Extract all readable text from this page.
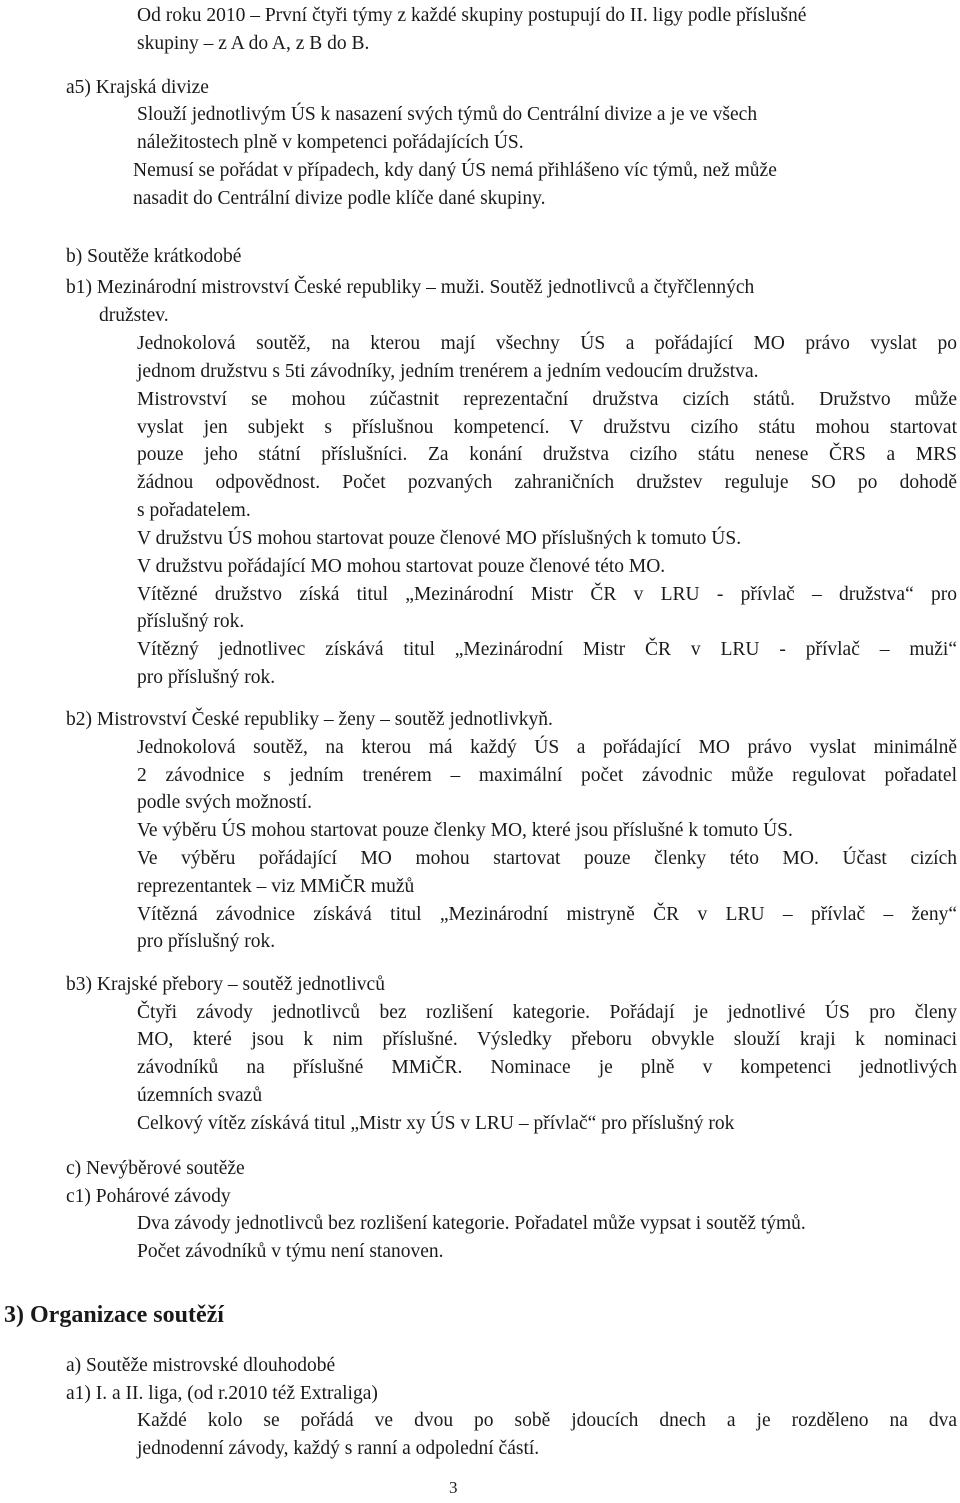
Od roku 2010 – První čtyři týmy z každé skupiny postupují do II. ligy podle příslušné
skupiny – z A do A, z B do B.
a5) Krajská divize
Slouží jednotlivým ÚS k nasazení svých týmů do Centrální divize a je ve všech
náležitostech plně v kompetenci pořádajících ÚS.
Nemusí se pořádat v případech, kdy daný ÚS nemá přihlášeno víc týmů, než může
nasadit do Centrální divize podle klíče dané skupiny.
b) Soutěže krátkodobé
b1) Mezinárodní mistrovství České republiky – muži. Soutěž jednotlivců a čtyřčlenných
družstev.
Jednokolová soutěž, na kterou mají všechny ÚS a pořádající MO právo vyslat po
jednom družstvu s 5ti závodníky, jedním trenérem a jedním vedoucím družstva.
Mistrovství se mohou zúčastnit reprezentační družstva cizích států. Družstvo může
vyslat jen subjekt s příslušnou kompetencí. V družstvu cizího státu mohou startovat
pouze jeho státní příslušníci. Za konání družstva cizího státu nenese ČRS a MRS
žádnou odpovědnost. Počet pozvaných zahraničních družstev reguluje SO po dohodě
s pořadatelem.
V družstvu ÚS mohou startovat pouze členové MO příslušných k tomuto ÚS.
V družstvu pořádající MO mohou startovat pouze členové této MO.
Vítězné družstvo získá titul „Mezinárodní Mistr ČR v LRU - přívlač – družstva“ pro
příslušný rok.
Vítězný jednotlivec získává titul „Mezinárodní Mistr ČR v LRU - přívlač – muži“
pro příslušný rok.
b2) Mistrovství České republiky – ženy – soutěž jednotlivkyň.
Jednokolová soutěž, na kterou má každý ÚS a pořádající MO právo vyslat minimálně
2 závodnice s jedním trenérem – maximální počet závodnic může regulovat pořadatel
podle svých možností.
Ve výběru ÚS mohou startovat pouze členky MO, které jsou příslušné k tomuto ÚS.
Ve výběru pořádající MO mohou startovat pouze členky této MO. Účast cizích
reprezentantek – viz MMiČR mužů
Vítězná závodnice získává titul „Mezinárodní mistryně ČR v LRU – přívlač – ženy“
pro příslušný rok.
b3) Krajské přebory – soutěž jednotlivců
Čtyři závody jednotlivců bez rozlišení kategorie. Pořádají je jednotlivé ÚS pro členy
MO, které jsou k nim příslušné. Výsledky přeboru obvykle slouží kraji k nominaci
závodníků na příslušné MMiČR. Nominace je plně v kompetenci jednotlivých
územních svazů
Celkový vítěz získává titul „Mistr xy ÚS v LRU – přívlač“ pro příslušný rok
c) Nevýběrové soutěže
c1) Pohárové závody
Dva závody jednotlivců bez rozlišení kategorie. Pořadatel může vypsat i soutěž týmů.
Počet závodníků v týmu není stanoven.
3) Organizace soutěží
a) Soutěže mistrovské dlouhodobé
a1) I. a II. liga, (od r.2010 též Extraliga)
Každé kolo se pořádá ve dvou po sobě jdoucích dnech a je rozděleno na dva
jednodenní závody, každý s ranní a odpolední částí.
3
